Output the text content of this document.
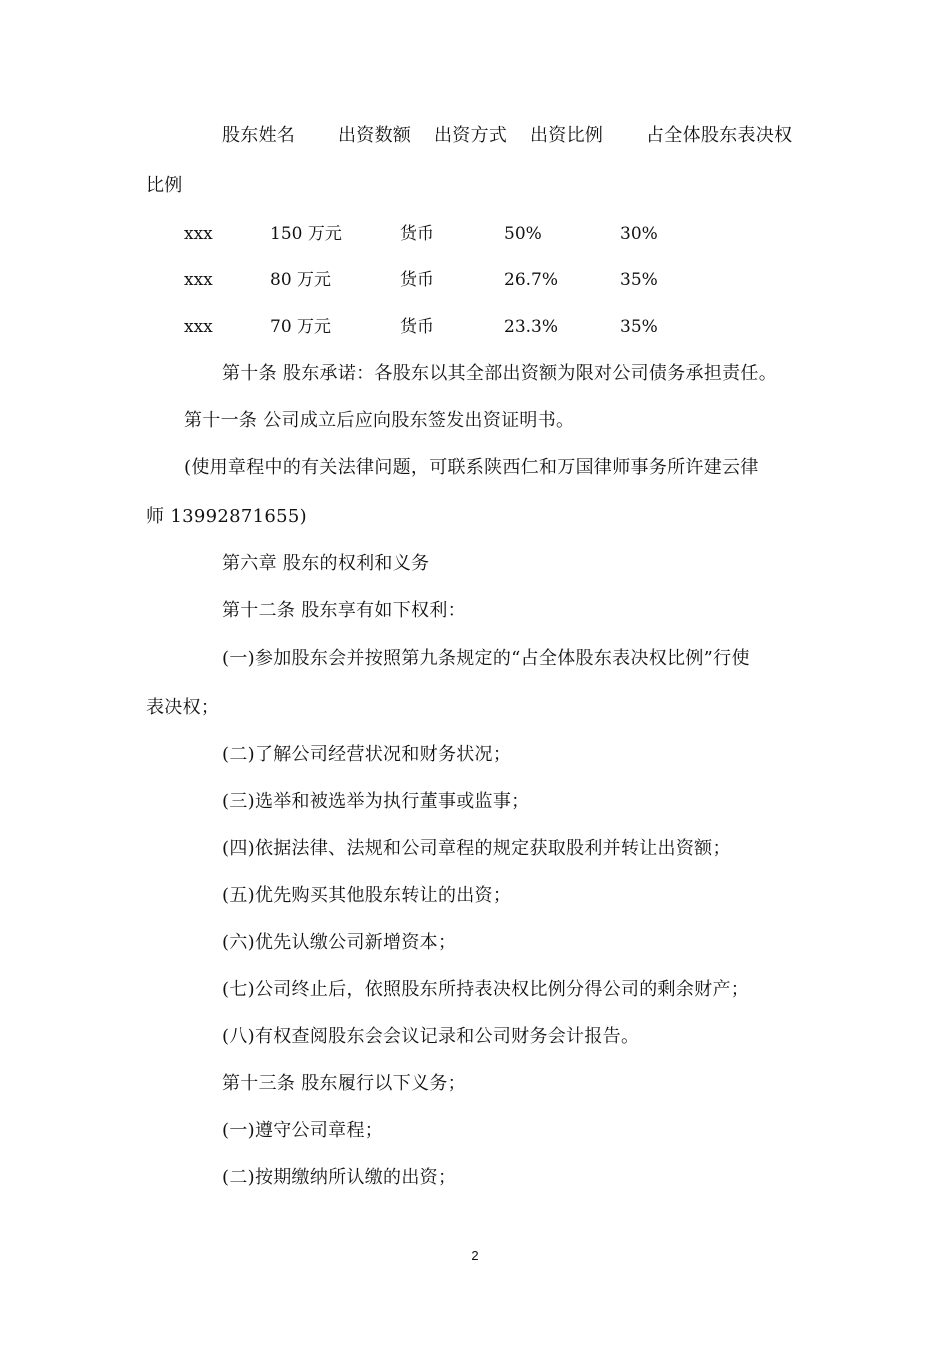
股东姓名 出资数额 出资方式 出资比例 占全体股东表决权
比例
xxx	150 万元	货币	50%	30%
xxx	80 万元	货币	26.7%	35%
xxx	70 万元	货币	23.3%	35%
第十条 股东承诺：各股东以其全部出资额为限对公司债务承担责任。
第十一条 公司成立后应向股东签发出资证明书。
(使用章程中的有关法律问题，可联系陕西仁和万国律师事务所许建云律
师 13992871655)
第六章 股东的权利和义务
第十二条 股东享有如下权利：
(一)参加股东会并按照第九条规定的“占全体股东表决权比例”行使
表决权；
(二)了解公司经营状况和财务状况；
(三)选举和被选举为执行董事或监事；
(四)依据法律、法规和公司章程的规定获取股利并转让出资额；
(五)优先购买其他股东转让的出资；
(六)优先认缴公司新增资本；
(七)公司终止后，依照股东所持表决权比例分得公司的剩余财产；
(八)有权查阅股东会会议记录和公司财务会计报告。
第十三条 股东履行以下义务；
(一)遵守公司章程；
(二)按期缴纳所认缴的出资；
2
